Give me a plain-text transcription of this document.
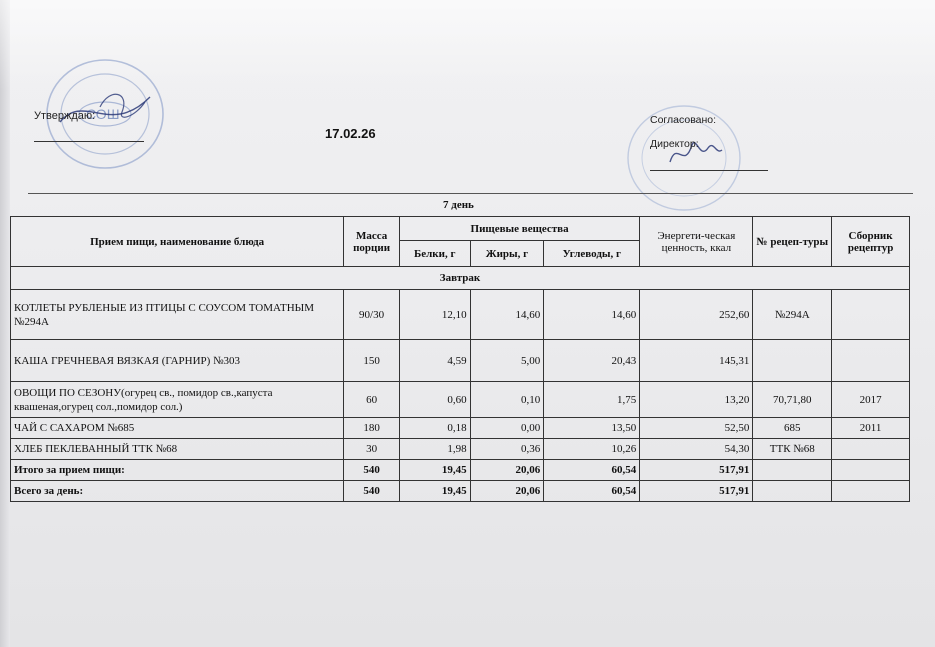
СОШ
Утверждаю:
17.02.26
Согласовано:
Директор:
7 день
Прием пищи, наименование блюда	Масса порции	Пищевые вещества			Энергети-ческая ценность, ккал	№ рецеп-туры	Сборник рецептур
		Белки, г	Жиры, г	Углеводы, г			
Завтрак							
КОТЛЕТЫ РУБЛЕНЫЕ ИЗ ПТИЦЫ С СОУСОМ ТОМАТНЫМ №294А	90/30	12,10	14,60	14,60	252,60	№294А	
КАША ГРЕЧНЕВАЯ ВЯЗКАЯ (ГАРНИР) №303	150	4,59	5,00	20,43	145,31		
ОВОЩИ ПО СЕЗОНУ(огурец св., помидор св.,капуста квашеная,огурец сол.,помидор сол.)	60	0,60	0,10	1,75	13,20	70,71,80	2017
ЧАЙ С САХАРОМ №685	180	0,18	0,00	13,50	52,50	685	2011
ХЛЕБ ПЕКЛЕВАННЫЙ ТТК №68	30	1,98	0,36	10,26	54,30	ТТК №68	
Итого за прием пищи:	540	19,45	20,06	60,54	517,91		
Всего за день:	540	19,45	20,06	60,54	517,91		
